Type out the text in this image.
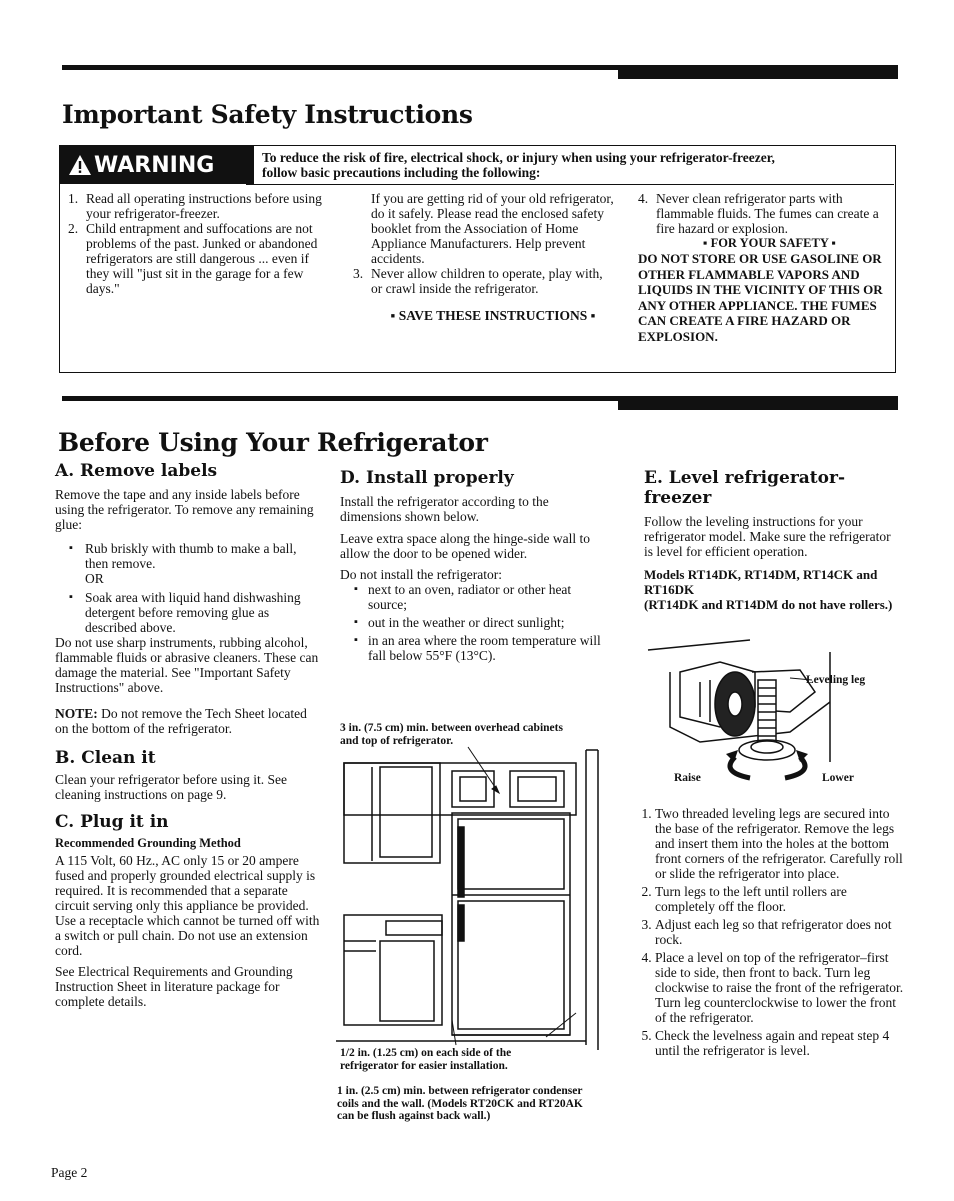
Important Safety Instructions
WARNING	To reduce the risk of fire, electrical shock, or injury when using your refrigerator-freezer,
follow basic precautions including the following:
1. Read all operating instructions before using your refrigerator-freezer.
2. Child entrapment and suffocations are not problems of the past. Junked or abandoned refrigerators are still dangerous ... even if they will "just sit in the garage for a few days."
If you are getting rid of your old refrigerator, do it safely. Please read the enclosed safety booklet from the Association of Home Appliance Manufacturers. Help prevent accidents.
3. Never allow children to operate, play with, or crawl inside the refrigerator.
▪ SAVE THESE INSTRUCTIONS ▪
4. Never clean refrigerator parts with flammable fluids. The fumes can create a fire hazard or explosion.
▪ FOR YOUR SAFETY ▪
DO NOT STORE OR USE GASOLINE OR OTHER FLAMMABLE VAPORS AND LIQUIDS IN THE VICINITY OF THIS OR ANY OTHER APPLIANCE. THE FUMES CAN CREATE A FIRE HAZARD OR EXPLOSION.
Before Using Your Refrigerator
A. Remove labels
Remove the tape and any inside labels before using the refrigerator. To remove any remaining glue:
▪ Rub briskly with thumb to make a ball, then remove.
OR
▪ Soak area with liquid hand dishwashing detergent before removing glue as described above.
Do not use sharp instruments, rubbing alcohol, flammable fluids or abrasive cleaners. These can damage the material. See "Important Safety Instructions" above.
NOTE: Do not remove the Tech Sheet located on the bottom of the refrigerator.
B. Clean it
Clean your refrigerator before using it. See cleaning instructions on page 9.
C. Plug it in
Recommended Grounding Method
A 115 Volt, 60 Hz., AC only 15 or 20 ampere fused and properly grounded electrical supply is required. It is recommended that a separate circuit serving only this appliance be provided. Use a receptacle which cannot be turned off with a switch or pull chain. Do not use an extension cord.
See Electrical Requirements and Grounding Instruction Sheet in literature package for complete details.
D. Install properly
Install the refrigerator according to the dimensions shown below.
Leave extra space along the hinge-side wall to allow the door to be opened wider.
Do not install the refrigerator:
▪ next to an oven, radiator or other heat source;
▪ out in the weather or direct sunlight;
▪ in an area where the room temperature will fall below 55°F (13°C).
3 in. (7.5 cm) min. between overhead cabinets and top of refrigerator.
1/2 in. (1.25 cm) on each side of the refrigerator for easier installation.
1 in. (2.5 cm) min. between refrigerator condenser coils and the wall. (Models RT20CK and RT20AK can be flush against back wall.)
E. Level refrigerator-freezer
Follow the leveling instructions for your refrigerator model. Make sure the refrigerator is level for efficient operation.
Models RT14DK, RT14DM, RT14CK and RT16DK
(RT14DK and RT14DM do not have rollers.)
Leveling leg
Raise	Lower
1. Two threaded leveling legs are secured into the base of the refrigerator. Remove the legs and insert them into the holes at the bottom front corners of the refrigerator. Carefully roll or slide the refrigerator into place.
2. Turn legs to the left until rollers are completely off the floor.
3. Adjust each leg so that refrigerator does not rock.
4. Place a level on top of the refrigerator–first side to side, then front to back. Turn leg clockwise to raise the front of the refrigerator. Turn leg counterclockwise to lower the front of the refrigerator.
5. Check the levelness again and repeat step 4 until the refrigerator is level.
Page 2
